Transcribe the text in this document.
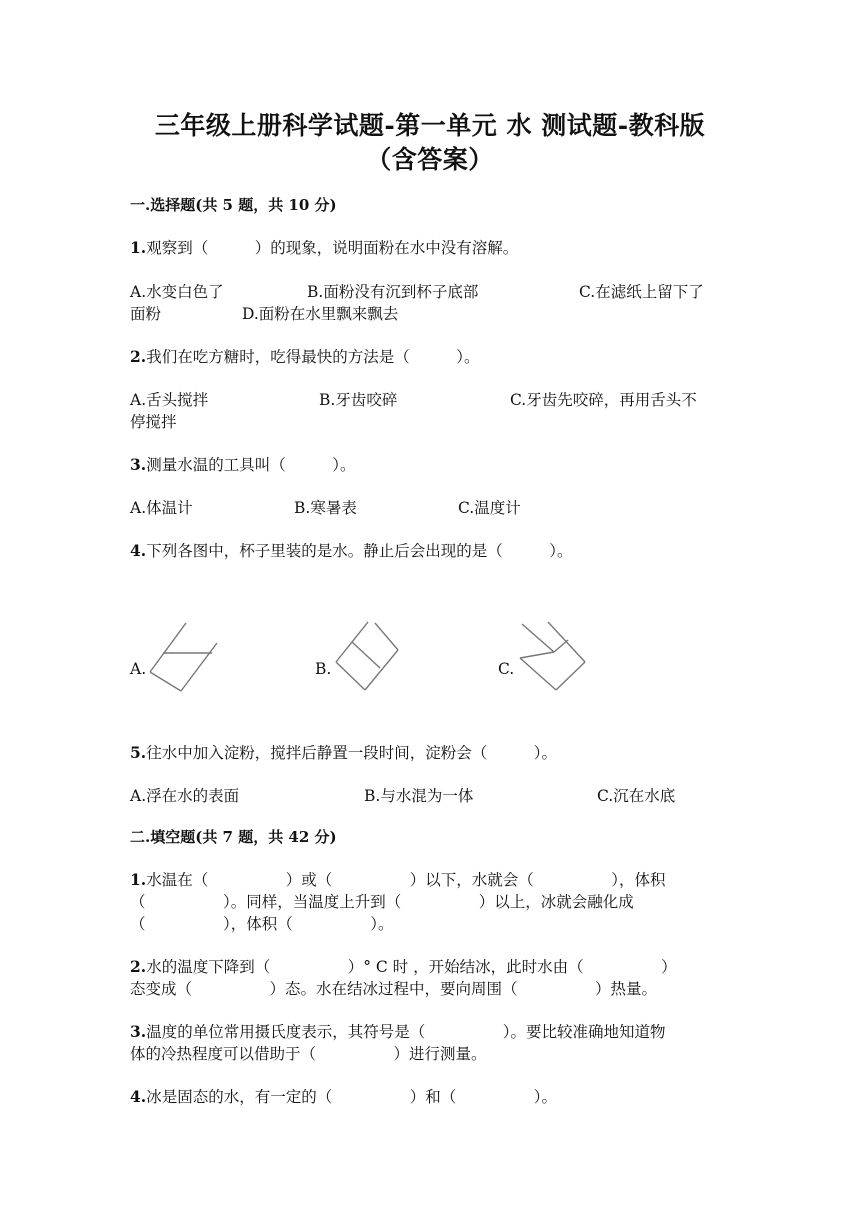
三年级上册科学试题-第一单元 水 测试题-教科版
（含答案）
一.选择题(共 5 题，共 10 分)
1.观察到（　　　）的现象，说明面粉在水中没有溶解。
A.水变白色了	B.面粉没有沉到杯子底部	C.在滤纸上留下了
面粉	D.面粉在水里飘来飘去
2.我们在吃方糖时，吃得最快的方法是（　　　）。
A.舌头搅拌	B.牙齿咬碎	C.牙齿先咬碎，再用舌头不
停搅拌
3.测量水温的工具叫（　　　）。
A.体温计	B.寒暑表	C.温度计
4.下列各图中，杯子里装的是水。静止后会出现的是（　　　）。
A.	B.	C.
5.往水中加入淀粉，搅拌后静置一段时间，淀粉会（　　　）。
A.浮在水的表面	B.与水混为一体	C.沉在水底
二.填空题(共 7 题，共 42 分)
1.水温在（　　　　　）或（　　　　　）以下，水就会（　　　　　），体积
（　　　　　）。同样，当温度上升到（　　　　　）以上，冰就会融化成
（　　　　　），体积（　　　　　）。
2.水的温度下降到（　　　　　）° C 时 ，开始结冰，此时水由（　　　　　）
态变成（　　　　　）态。水在结冰过程中，要向周围（　　　　　）热量。
3.温度的单位常用摄氏度表示，其符号是（　　　　　）。要比较准确地知道物
体的冷热程度可以借助于（　　　　　）进行测量。
4.冰是固态的水，有一定的（　　　　　）和（　　　　　）。
